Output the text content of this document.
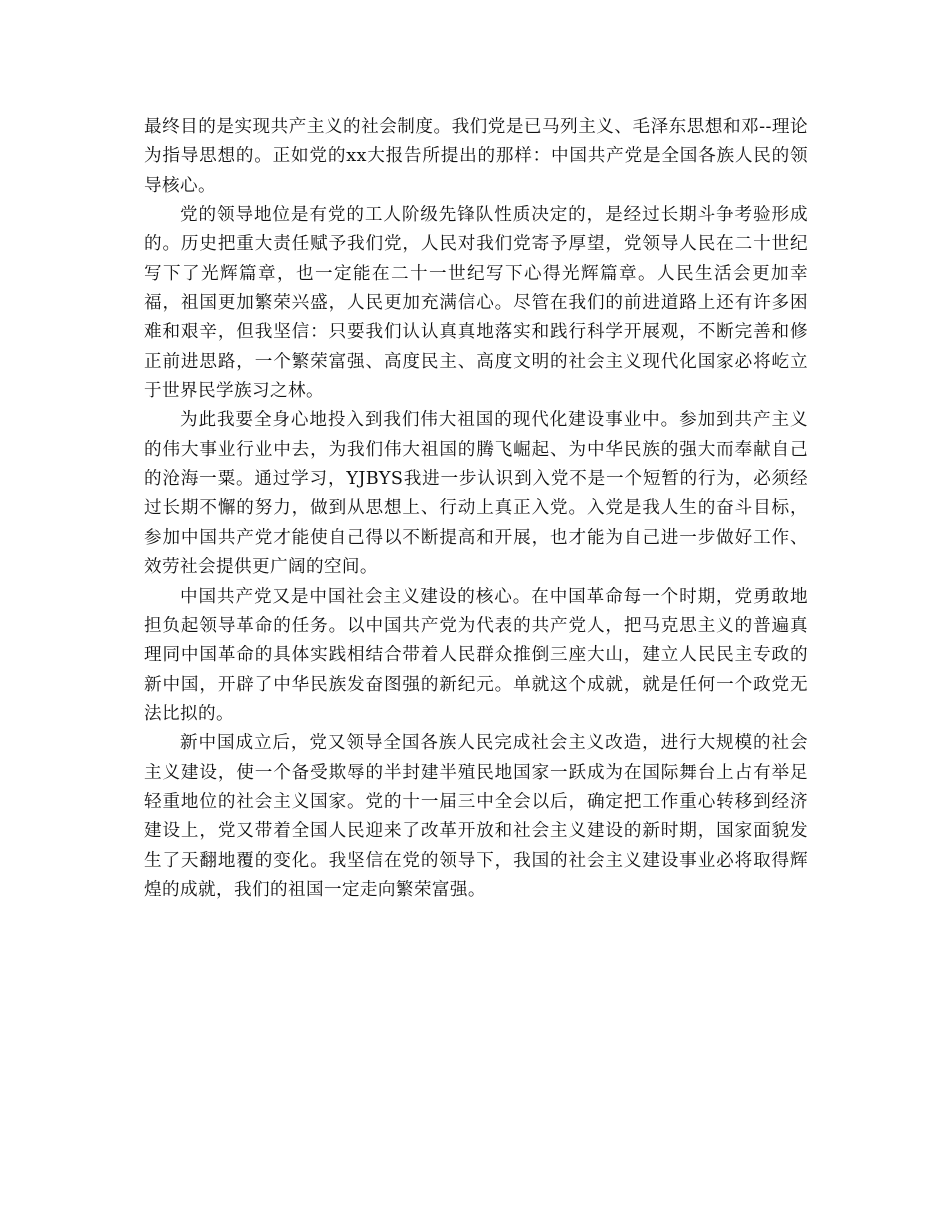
最终目的是实现共产主义的社会制度。我们党是已马列主义、毛泽东思想和邓--理论为指导思想的。正如党的xx大报告所提出的那样：中国共产党是全国各族人民的领导核心。

党的领导地位是有党的工人阶级先锋队性质决定的，是经过长期斗争考验形成的。历史把重大责任赋予我们党，人民对我们党寄予厚望，党领导人民在二十世纪写下了光辉篇章，也一定能在二十一世纪写下心得光辉篇章。人民生活会更加幸福，祖国更加繁荣兴盛，人民更加充满信心。尽管在我们的前进道路上还有许多困难和艰辛，但我坚信：只要我们认认真真地落实和践行科学开展观，不断完善和修正前进思路，一个繁荣富强、高度民主、高度文明的社会主义现代化国家必将屹立于世界民学族习之林。

为此我要全身心地投入到我们伟大祖国的现代化建设事业中。参加到共产主义的伟大事业行业中去，为我们伟大祖国的腾飞崛起、为中华民族的强大而奉献自己的沧海一粟。通过学习，YJBYS我进一步认识到入党不是一个短暂的行为，必须经过长期不懈的努力，做到从思想上、行动上真正入党。入党是我人生的奋斗目标，参加中国共产党才能使自己得以不断提高和开展，也才能为自己进一步做好工作、效劳社会提供更广阔的空间。

中国共产党又是中国社会主义建设的核心。在中国革命每一个时期，党勇敢地担负起领导革命的任务。以中国共产党为代表的共产党人，把马克思主义的普遍真理同中国革命的具体实践相结合带着人民群众推倒三座大山，建立人民民主专政的新中国，开辟了中华民族发奋图强的新纪元。单就这个成就，就是任何一个政党无法比拟的。

新中国成立后，党又领导全国各族人民完成社会主义改造，进行大规模的社会主义建设，使一个备受欺辱的半封建半殖民地国家一跃成为在国际舞台上占有举足轻重地位的社会主义国家。党的十一届三中全会以后，确定把工作重心转移到经济建设上，党又带着全国人民迎来了改革开放和社会主义建设的新时期，国家面貌发生了天翻地覆的变化。我坚信在党的领导下，我国的社会主义建设事业必将取得辉煌的成就，我们的祖国一定走向繁荣富强。
